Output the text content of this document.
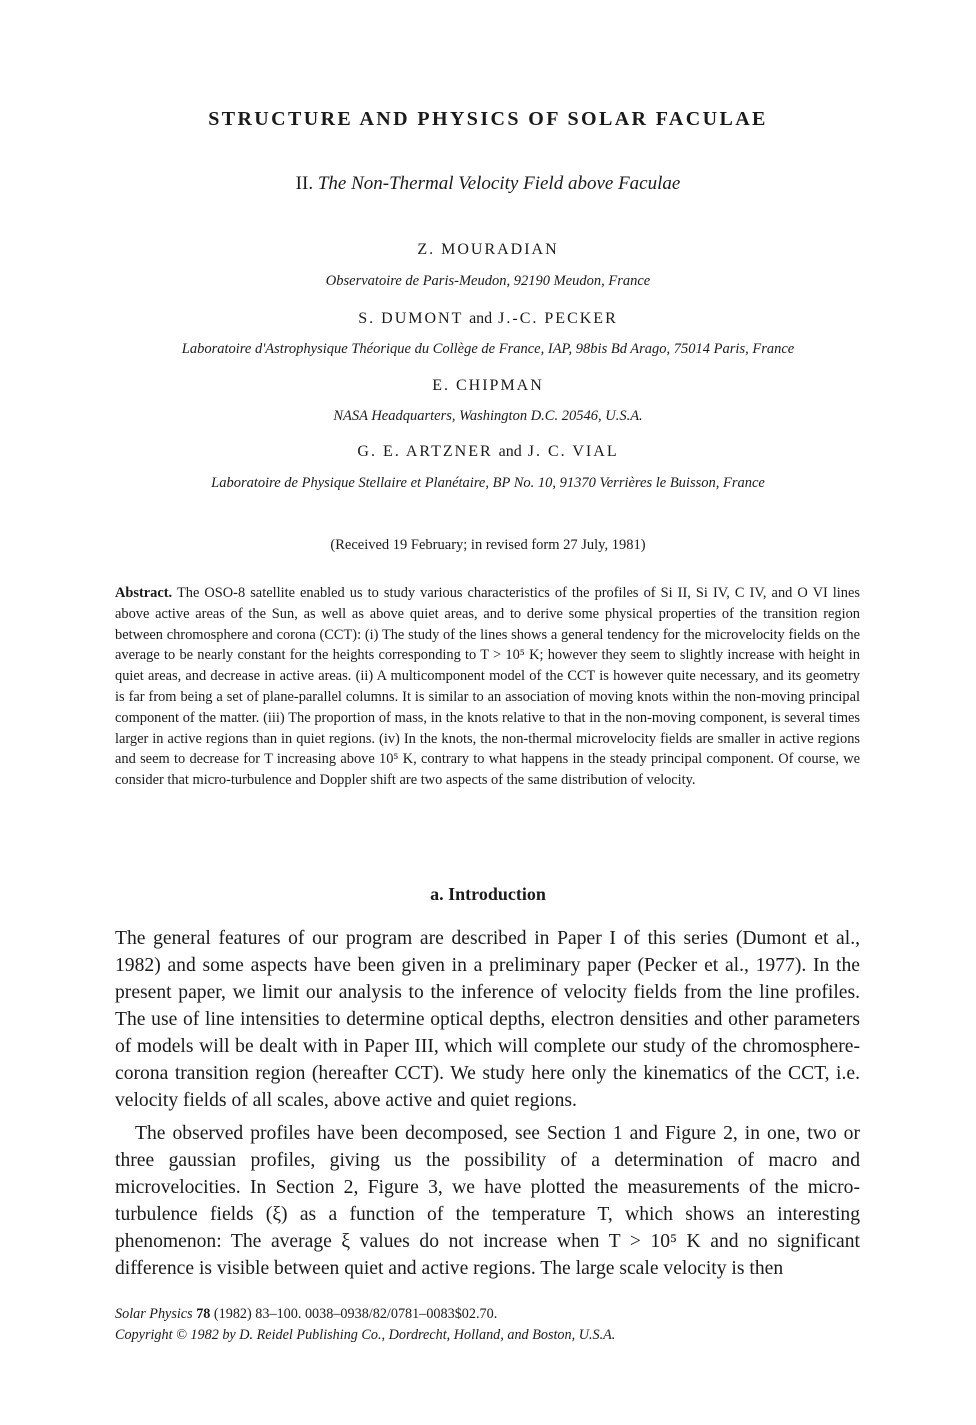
STRUCTURE AND PHYSICS OF SOLAR FACULAE
II. The Non-Thermal Velocity Field above Faculae
Z. MOURADIAN
Observatoire de Paris-Meudon, 92190 Meudon, France
S. DUMONT and J.-C. PECKER
Laboratoire d'Astrophysique Théorique du Collège de France, IAP, 98bis Bd Arago, 75014 Paris, France
E. CHIPMAN
NASA Headquarters, Washington D.C. 20546, U.S.A.
G. E. ARTZNER and J. C. VIAL
Laboratoire de Physique Stellaire et Planétaire, BP No. 10, 91370 Verrières le Buisson, France
(Received 19 February; in revised form 27 July, 1981)
Abstract. The OSO-8 satellite enabled us to study various characteristics of the profiles of Si II, Si IV, C IV, and O VI lines above active areas of the Sun, as well as above quiet areas, and to derive some physical properties of the transition region between chromosphere and corona (CCT): (i) The study of the lines shows a general tendency for the microvelocity fields on the average to be nearly constant for the heights corresponding to T > 10⁵ K; however they seem to slightly increase with height in quiet areas, and decrease in active areas. (ii) A multicomponent model of the CCT is however quite necessary, and its geometry is far from being a set of plane-parallel columns. It is similar to an association of moving knots within the non-moving principal component of the matter. (iii) The proportion of mass, in the knots relative to that in the non-moving component, is several times larger in active regions than in quiet regions. (iv) In the knots, the non-thermal microvelocity fields are smaller in active regions and seem to decrease for T increasing above 10⁵ K, contrary to what happens in the steady principal component. Of course, we consider that micro-turbulence and Doppler shift are two aspects of the same distribution of velocity.
a. Introduction

The general features of our program are described in Paper I of this series (Dumont et al., 1982) and some aspects have been given in a preliminary paper (Pecker et al., 1977). In the present paper, we limit our analysis to the inference of velocity fields from the line profiles. The use of line intensities to determine optical depths, electron densities and other parameters of models will be dealt with in Paper III, which will complete our study of the chromosphere-corona transition region (hereafter CCT). We study here only the kinematics of the CCT, i.e. velocity fields of all scales, above active and quiet regions.

The observed profiles have been decomposed, see Section 1 and Figure 2, in one, two or three gaussian profiles, giving us the possibility of a determination of macro and microvelocities. In Section 2, Figure 3, we have plotted the measurements of the micro-turbulence fields (ξ) as a function of the temperature T, which shows an interesting phenomenon: The average ξ values do not increase when T > 10⁵ K and no significant difference is visible between quiet and active regions. The large scale velocity is then

Solar Physics 78 (1982) 83–100. 0038–0938/82/0781–0083$02.70.
Copyright © 1982 by D. Reidel Publishing Co., Dordrecht, Holland, and Boston, U.S.A.
